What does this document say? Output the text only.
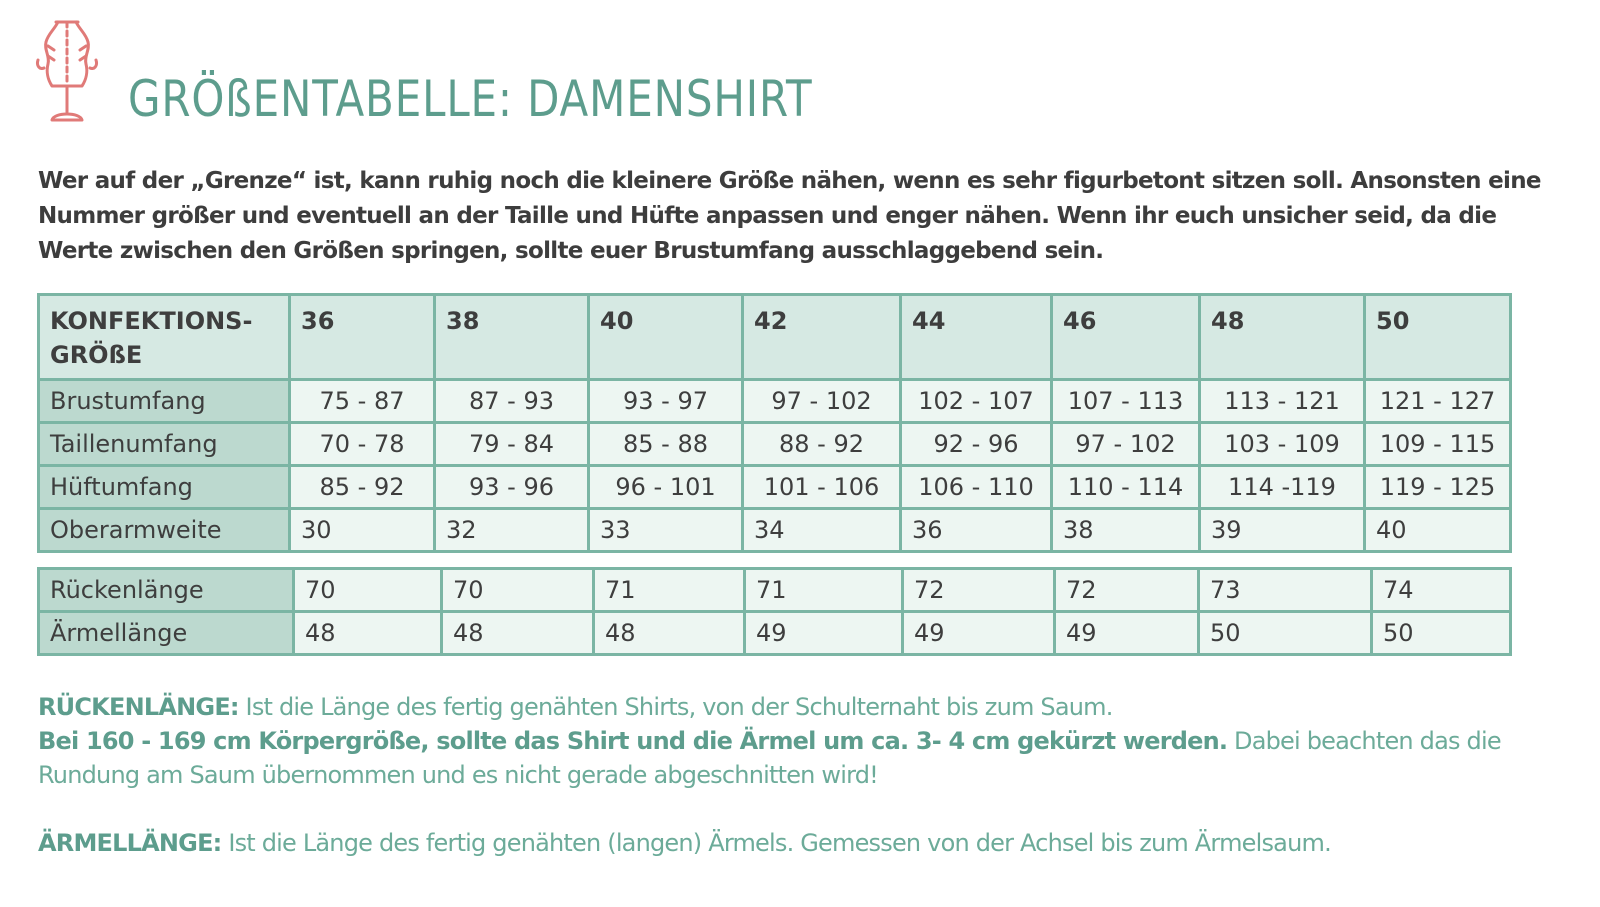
GRÖßENTABELLE: DAMENSHIRT

Wer auf der „Grenze“ ist, kann ruhig noch die kleinere Größe nähen, wenn es sehr figurbetont sitzen soll. Ansonsten eine Nummer größer und eventuell an der Taille und Hüfte anpassen und enger nähen. Wenn ihr euch unsicher seid, da die Werte zwischen den Größen springen, sollte euer Brustumfang ausschlaggebend sein.

KONFEKTIONS-
GRÖßE	36	38	40	42	44	46	48	50
Brustumfang	75 - 87	87 - 93	93 - 97	97 - 102	102 - 107	107 - 113	113 - 121	121 - 127
Taillenumfang	70 - 78	79 - 84	85 - 88	88 - 92	92 - 96	97 - 102	103 - 109	109 - 115
Hüftumfang	85 - 92	93 - 96	96 - 101	101 - 106	106 - 110	110 - 114	114 -119	119 - 125
Oberarmweite	30	32	33	34	36	38	39	40
Rückenlänge	70	70	71	71	72	72	73	74
Ärmellänge	48	48	48	49	49	49	50	50

RÜCKENLÄNGE: Ist die Länge des fertig genähten Shirts, von der Schulternaht bis zum Saum.

Bei 160 - 169 cm Körpergröße, sollte das Shirt und die Ärmel um ca. 3- 4 cm gekürzt werden. Dabei beachten das die Rundung am Saum übernommen und es nicht gerade abgeschnitten wird!

ÄRMELLÄNGE: Ist die Länge des fertig genähten (langen) Ärmels. Gemessen von der Achsel bis zum Ärmelsaum.
